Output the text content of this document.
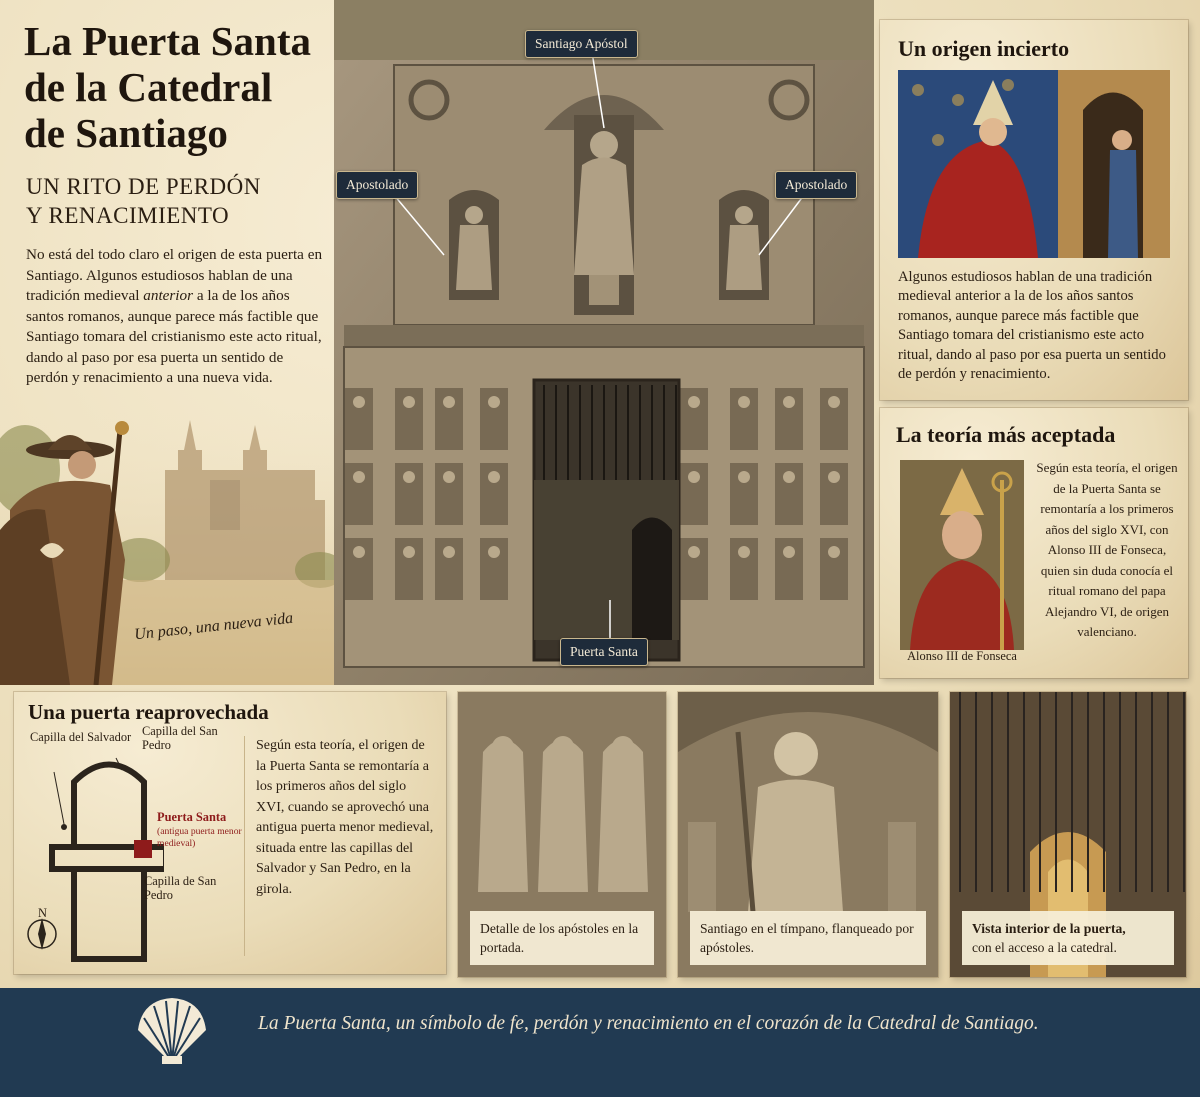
La Puerta Santa
de la Catedral
de Santiago
UN RITO DE PERDÓN
Y RENACIMIENTO
No está del todo claro el origen de esta puerta en Santiago. Algunos estudiosos hablan de una tradición medieval anterior a la de los años santos romanos, aunque parece más factible que Santiago tomara del cristianismo este acto ritual, dando al paso por esa puerta un sentido de perdón y renacimiento a una nueva vida.
Un paso, una nueva vida
Santiago Apóstol
Apostolado	Apostolado
Puerta Santa
Un origen incierto
Algunos estudiosos hablan de una tradición medieval anterior a la de los años santos romanos, aunque parece más factible que Santiago tomara del cristianismo este acto ritual, dando al paso por esa puerta un sentido de perdón y renacimiento.
La teoría más aceptada
Alonso III de Fonseca
Según esta teoría, el origen de la Puerta Santa se remontaría a los primeros años del siglo XVI, con Alonso III de Fonseca, quien sin duda conocía el ritual romano del papa Alejandro VI, de origen valenciano.
Una puerta reaprovechada
Capilla del Salvador Capilla del San Pedro
Puerta Santa
(antigua puerta menor medieval)
Capilla de San Pedro
N
Según esta teoría, el origen de la Puerta Santa se remontaría a los primeros años del siglo XVI, cuando se aprovechó una antigua puerta menor medieval, situada entre las capillas del Salvador y San Pedro, en la girola.
Detalle de los apóstoles en la portada.
Santiago en el tímpano, flanqueado por apóstoles.
Vista interior de la puerta,
con el acceso a la catedral.
La Puerta Santa, un símbolo de fe, perdón y renacimiento en el corazón de la Catedral de Santiago.
